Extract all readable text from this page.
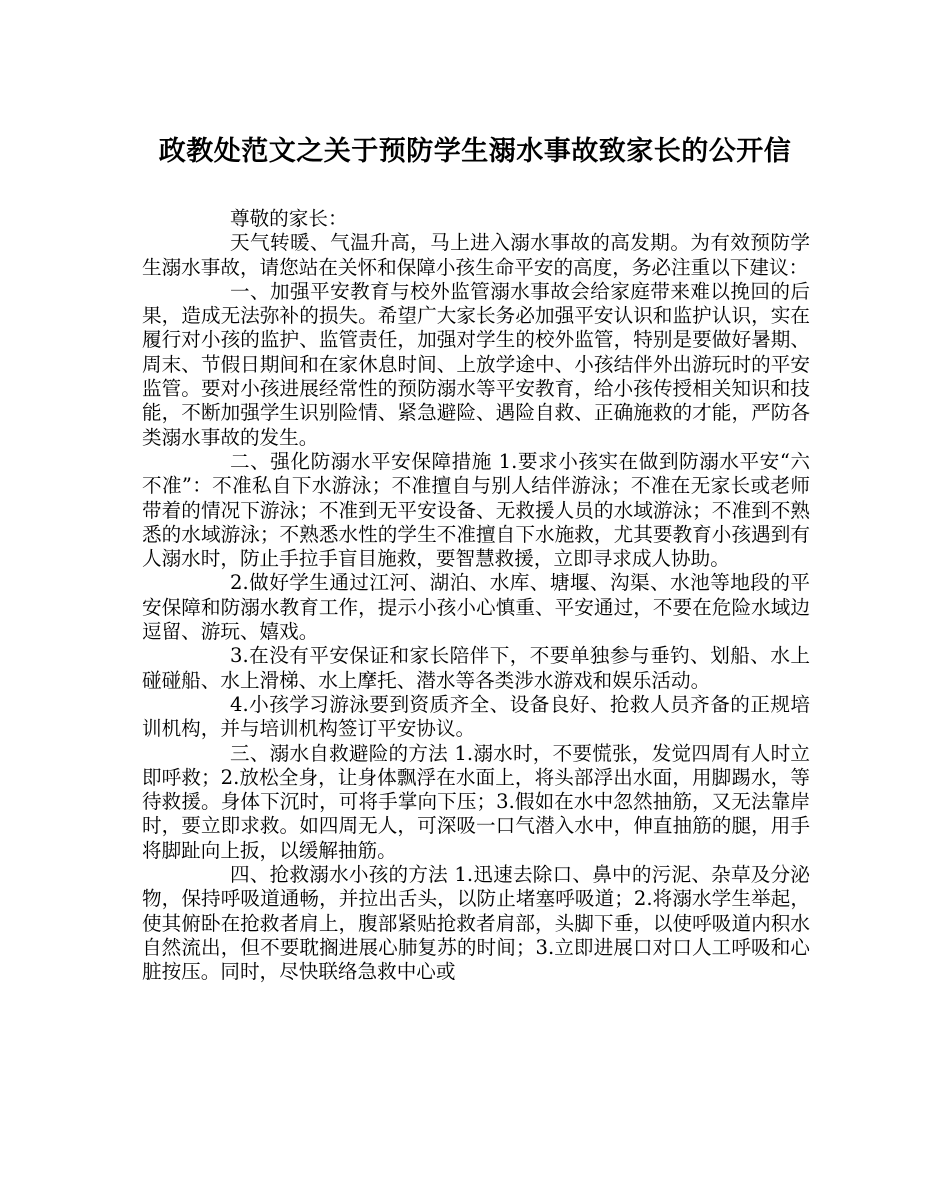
政教处范文之关于预防学生溺水事故致家长的公开信

尊敬的家长：

天气转暖、气温升高，马上进入溺水事故的高发期。为有效预防学生溺水事故，请您站在关怀和保障小孩生命平安的高度，务必注重以下建议：

一、加强平安教育与校外监管溺水事故会给家庭带来难以挽回的后果，造成无法弥补的损失。希望广大家长务必加强平安认识和监护认识，实在履行对小孩的监护、监管责任，加强对学生的校外监管，特别是要做好暑期、周末、节假日期间和在家休息时间、上放学途中、小孩结伴外出游玩时的平安监管。要对小孩进展经常性的预防溺水等平安教育，给小孩传授相关知识和技能，不断加强学生识别险情、紧急避险、遇险自救、正确施救的才能，严防各类溺水事故的发生。

二、强化防溺水平安保障措施 1.要求小孩实在做到防溺水平安“六不准”：不准私自下水游泳；不准擅自与别人结伴游泳；不准在无家长或老师带着的情况下游泳；不准到无平安设备、无救援人员的水域游泳；不准到不熟悉的水域游泳；不熟悉水性的学生不准擅自下水施救，尤其要教育小孩遇到有人溺水时，防止手拉手盲目施救，要智慧救援，立即寻求成人协助。

2.做好学生通过江河、湖泊、水库、塘堰、沟渠、水池等地段的平安保障和防溺水教育工作，提示小孩小心慎重、平安通过，不要在危险水域边逗留、游玩、嬉戏。

3.在没有平安保证和家长陪伴下，不要单独参与垂钓、划船、水上碰碰船、水上滑梯、水上摩托、潜水等各类涉水游戏和娱乐活动。

4.小孩学习游泳要到资质齐全、设备良好、抢救人员齐备的正规培训机构，并与培训机构签订平安协议。

三、溺水自救避险的方法 1.溺水时，不要慌张，发觉四周有人时立即呼救；2.放松全身，让身体飘浮在水面上，将头部浮出水面，用脚踢水，等待救援。身体下沉时，可将手掌向下压；3.假如在水中忽然抽筋，又无法靠岸时，要立即求救。如四周无人，可深吸一口气潜入水中，伸直抽筋的腿，用手将脚趾向上扳，以缓解抽筋。

四、抢救溺水小孩的方法 1.迅速去除口、鼻中的污泥、杂草及分泌物，保持呼吸道通畅，并拉出舌头，以防止堵塞呼吸道；2.将溺水学生举起，使其俯卧在抢救者肩上，腹部紧贴抢救者肩部，头脚下垂，以使呼吸道内积水自然流出，但不要耽搁进展心肺复苏的时间；3.立即进展口对口人工呼吸和心脏按压。同时，尽快联络急救中心或
